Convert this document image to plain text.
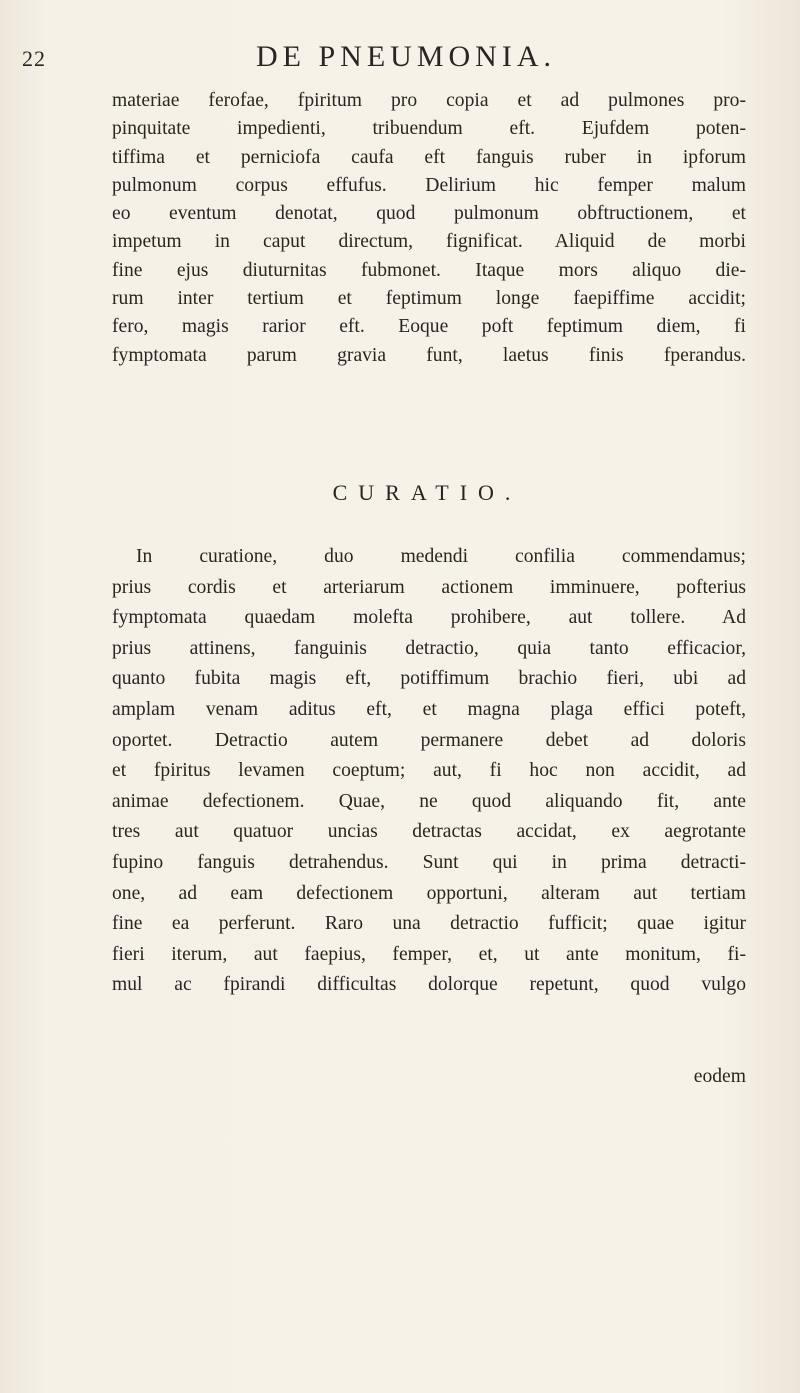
22	DE PNEUMONIA.
materiae ferofae, fpiritum pro copia et ad pulmones pro-
pinquitate impedienti, tribuendum eft. Ejufdem poten-
tiffima et perniciofa caufa eft fanguis ruber in ipforum
pulmonum corpus effufus. Delirium hic femper malum
eo eventum denotat, quod pulmonum obftructionem, et
impetum in caput directum, fignificat. Aliquid de morbi
fine ejus diuturnitas fubmonet. Itaque mors aliquo die-
rum inter tertium et feptimum longe faepiffime accidit;
fero, magis rarior eft. Eoque poft feptimum diem, fi
fymptomata parum gravia funt, laetus finis fperandus.
CURATIO.
In curatione, duo medendi confilia commendamus;
prius cordis et arteriarum actionem imminuere, pofterius
fymptomata quaedam molefta prohibere, aut tollere. Ad
prius attinens, fanguinis detractio, quia tanto efficacior,
quanto fubita magis eft, potiffimum brachio fieri, ubi ad
amplam venam aditus eft, et magna plaga effici poteft,
oportet. Detractio autem permanere debet ad doloris
et fpiritus levamen coeptum; aut, fi hoc non accidit, ad
animae defectionem. Quae, ne quod aliquando fit, ante
tres aut quatuor uncias detractas accidat, ex aegrotante
fupino fanguis detrahendus. Sunt qui in prima detracti-
one, ad eam defectionem opportuni, alteram aut tertiam
fine ea perferunt. Raro una detractio fufficit; quae igitur
fieri iterum, aut faepius, femper, et, ut ante monitum, fi-
mul ac fpirandi difficultas dolorque repetunt, quod vulgo
eodem
